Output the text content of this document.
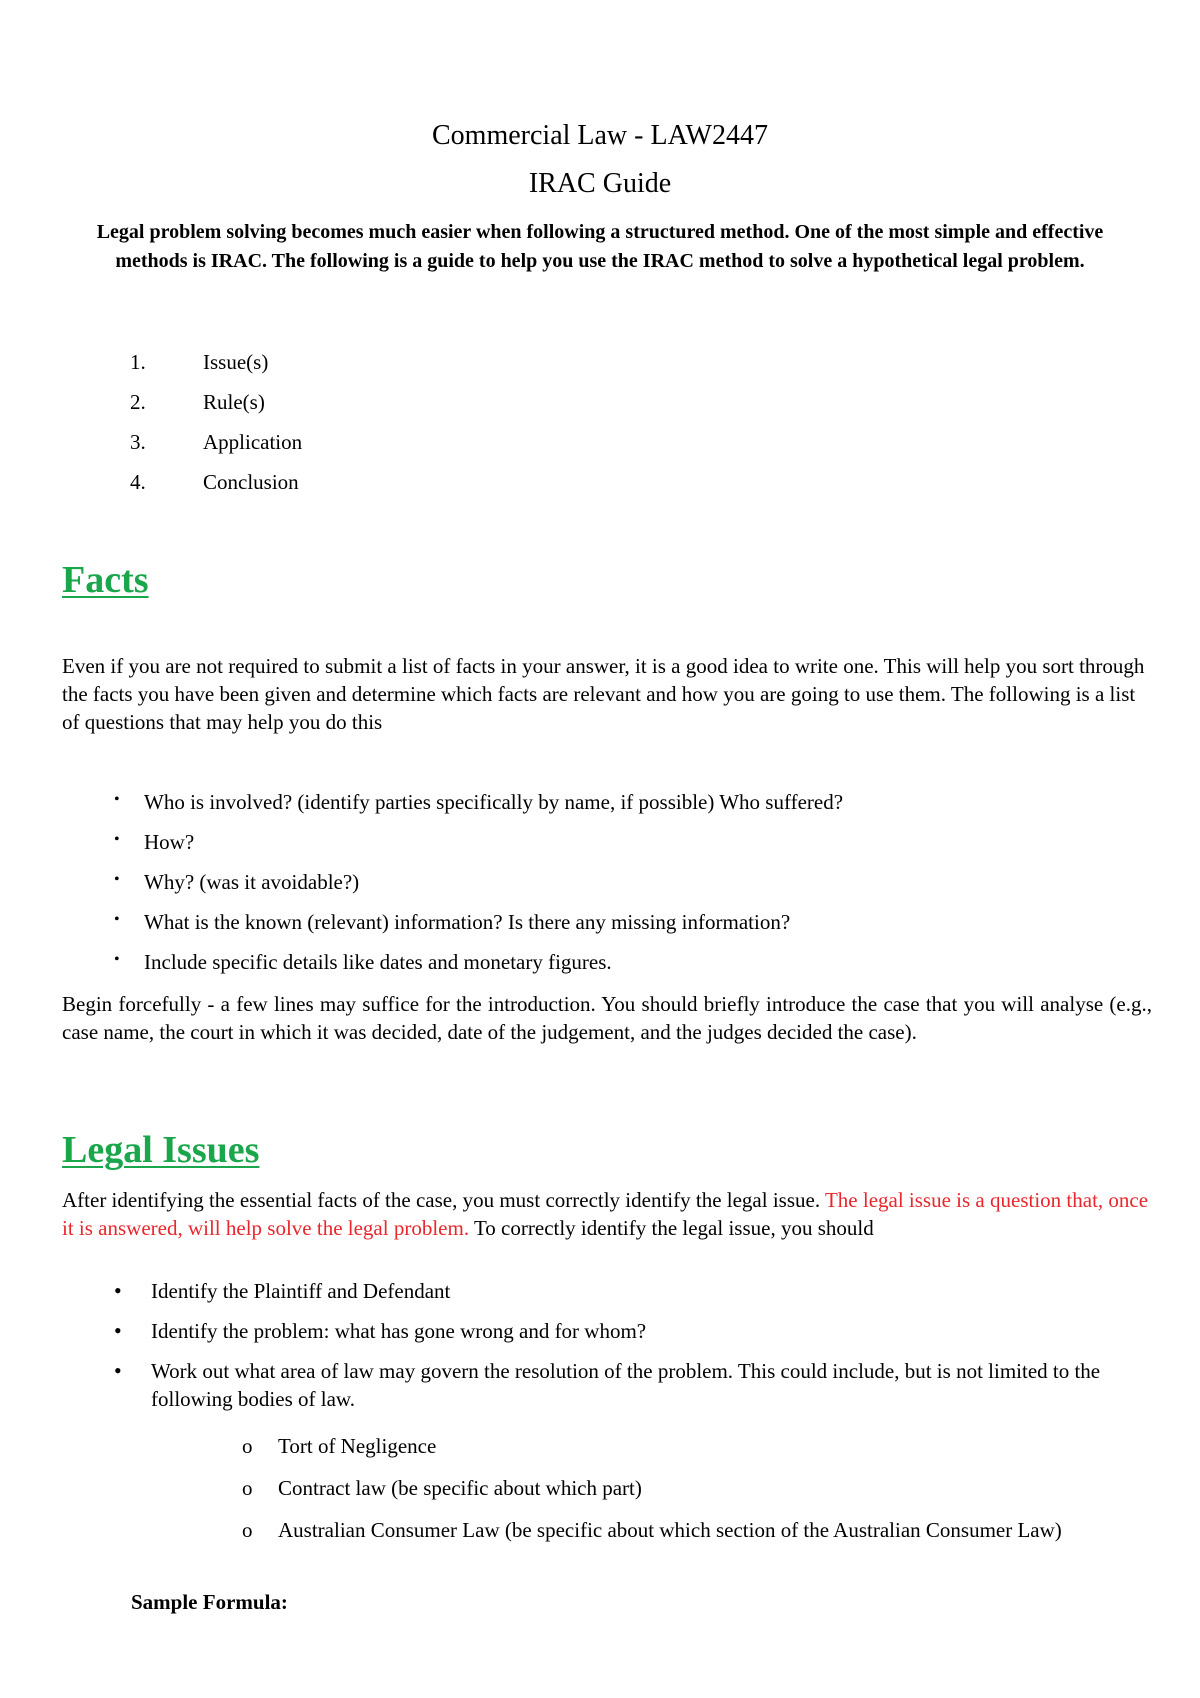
Commercial Law - LAW2447
IRAC Guide

Legal problem solving becomes much easier when following a structured method. One of the most simple and effective methods is IRAC. The following is a guide to help you use the IRAC method to solve a hypothetical legal problem.

1.	Issue(s)
2.	Rule(s)
3.	Application
4.	Conclusion
Facts

Even if you are not required to submit a list of facts in your answer, it is a good idea to write one. This will help you sort through the facts you have been given and determine which facts are relevant and how you are going to use them. The following is a list of questions that may help you do this

• Who is involved? (identify parties specifically by name, if possible) Who suffered?
• How?
• Why? (was it avoidable?)
• What is the known (relevant) information? Is there any missing information?
• Include specific details like dates and monetary figures.

Begin forcefully - a few lines may suffice for the introduction. You should briefly introduce the case that you will analyse (e.g., case name, the court in which it was decided, date of the judgement, and the judges decided the case).

Legal Issues

After identifying the essential facts of the case, you must correctly identify the legal issue. The legal issue is a question that, once it is answered, will help solve the legal problem. To correctly identify the legal issue, you should

• Identify the Plaintiff and Defendant
• Identify the problem: what has gone wrong and for whom?
• Work out what area of law may govern the resolution of the problem. This could include, but is not limited to the following bodies of law.
o Tort of Negligence
o Contract law (be specific about which part)
o Australian Consumer Law (be specific about which section of the Australian Consumer Law)

Sample Formula:
